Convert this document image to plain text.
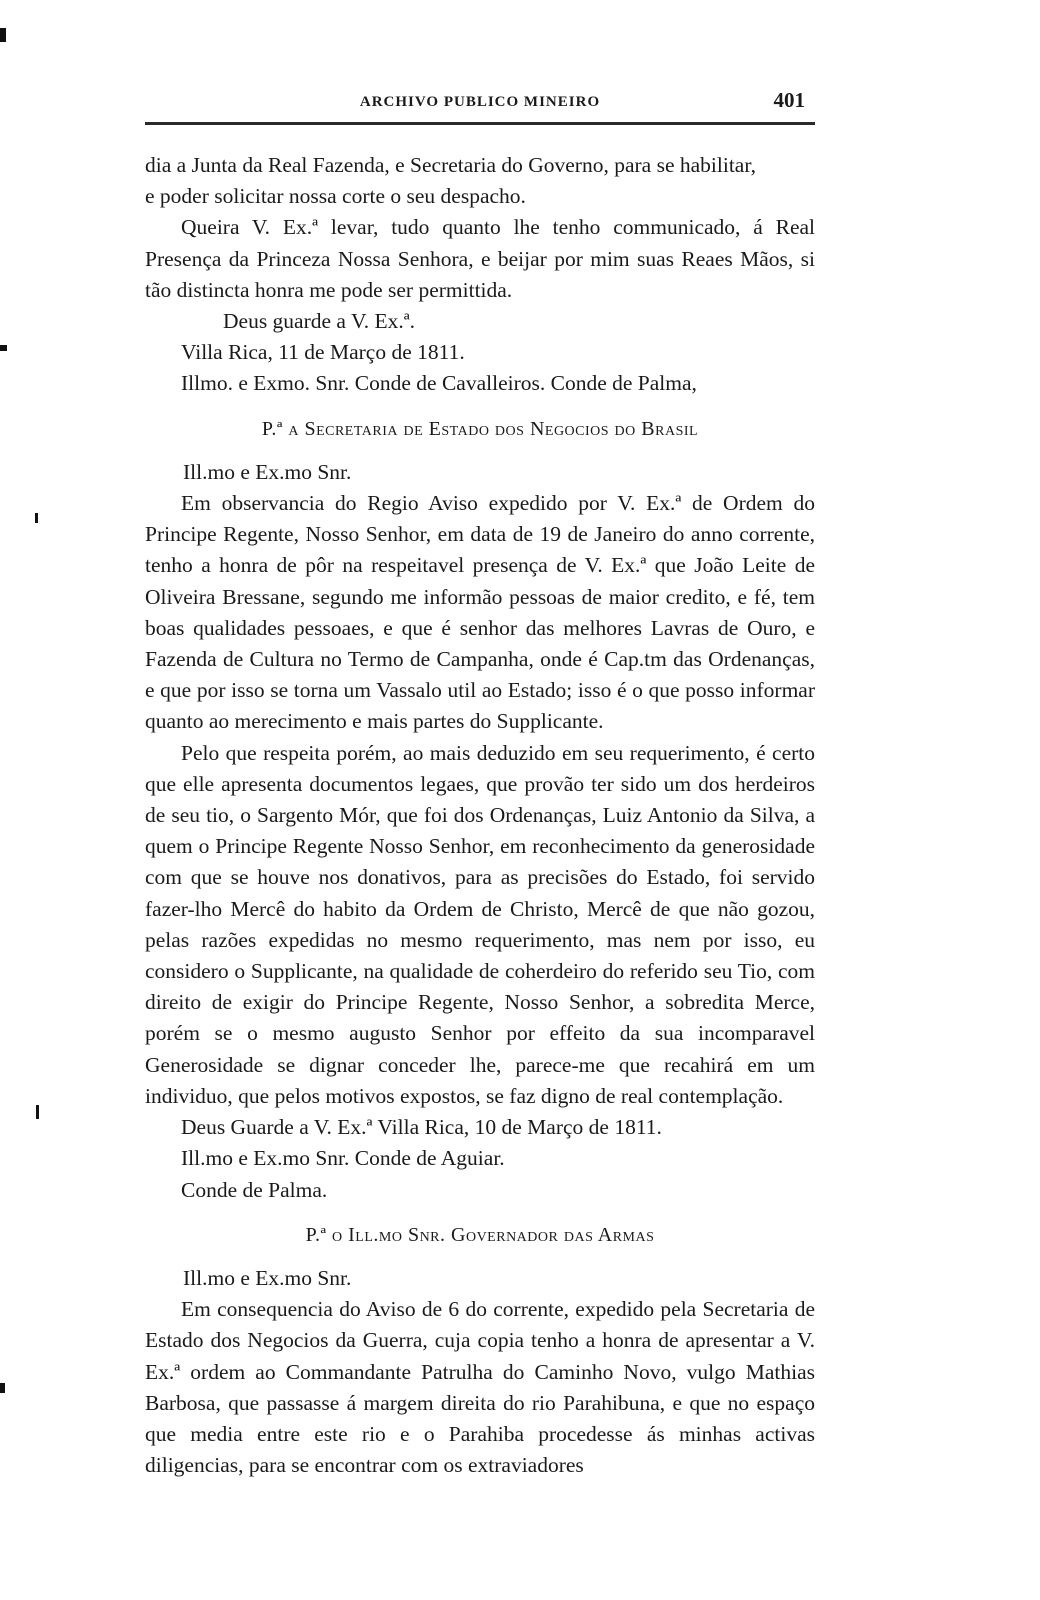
ARCHIVO PUBLICO MINEIRO	401

dia a Junta da Real Fazenda, e Secretaria do Governo, para se habilitar,

e poder solicitar nossa corte o seu despacho.

Queira V. Ex.ª levar, tudo quanto lhe tenho communicado, á Real Presença da Princeza Nossa Senhora, e beijar por mim suas Reaes Mãos, si tão distincta honra me pode ser permittida.

Deus guarde a V. Ex.ª.

Villa Rica, 11 de Março de 1811.

Illmo. e Exmo. Snr. Conde de Cavalleiros. Conde de Palma,

P.ª a Secretaria de Estado dos Negocios do Brasil

Ill.mo e Ex.mo Snr.

Em observancia do Regio Aviso expedido por V. Ex.ª de Ordem do Principe Regente, Nosso Senhor, em data de 19 de Janeiro do anno corrente, tenho a honra de pôr na respeitavel presença de V. Ex.ª que João Leite de Oliveira Bressane, segundo me informão pessoas de maior credito, e fé, tem boas qualidades pessoaes, e que é senhor das melhores Lavras de Ouro, e Fazenda de Cultura no Termo de Campanha, onde é Cap.tm das Ordenanças, e que por isso se torna um Vassalo util ao Estado; isso é o que posso informar quanto ao merecimento e mais partes do Supplicante.

Pelo que respeita porém, ao mais deduzido em seu requerimento, é certo que elle apresenta documentos legaes, que provão ter sido um dos herdeiros de seu tio, o Sargento Mór, que foi dos Ordenanças, Luiz Antonio da Silva, a quem o Principe Regente Nosso Senhor, em reconhecimento da generosidade com que se houve nos donativos, para as precisões do Estado, foi servido fazer-lho Mercê do habito da Ordem de Christo, Mercê de que não gozou, pelas razões expedidas no mesmo requerimento, mas nem por isso, eu considero o Supplicante, na qualidade de coherdeiro do referido seu Tio, com direito de exigir do Principe Regente, Nosso Senhor, a sobredita Merce, porém se o mesmo augusto Senhor por effeito da sua incomparavel Generosidade se dignar conceder lhe, parece-me que recahirá em um individuo, que pelos motivos expostos, se faz digno de real contemplação.

Deus Guarde a V. Ex.ª Villa Rica, 10 de Março de 1811.

Ill.mo e Ex.mo Snr. Conde de Aguiar.

Conde de Palma.

P.ª o Ill.mo Snr. Governador das Armas

Ill.mo e Ex.mo Snr.

Em consequencia do Aviso de 6 do corrente, expedido pela Secretaria de Estado dos Negocios da Guerra, cuja copia tenho a honra de apresentar a V. Ex.ª ordem ao Commandante Patrulha do Caminho Novo, vulgo Mathias Barbosa, que passasse á margem direita do rio Parahibuna, e que no espaço que media entre este rio e o Parahiba procedesse ás minhas activas diligencias, para se encontrar com os extraviadores
